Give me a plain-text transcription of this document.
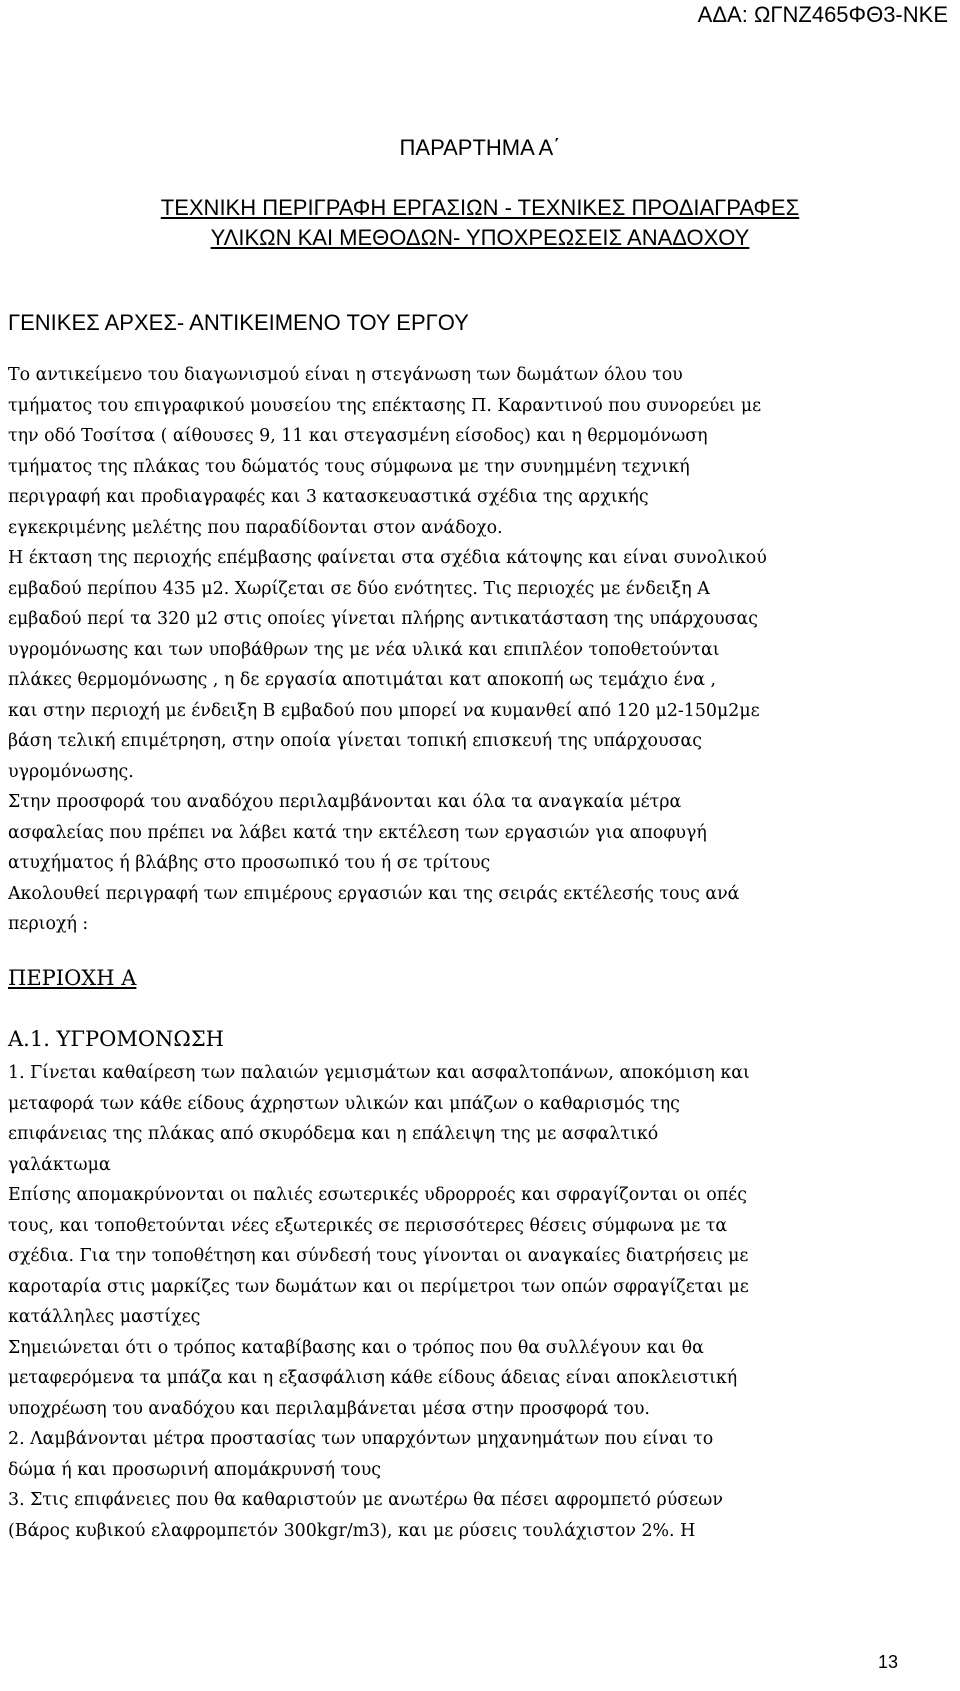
ΑΔΑ: ΩΓΝΖ465ΦΘ3-ΝΚΕ
ΠΑΡΑΡΤΗΜΑ Α΄
ΤΕΧΝΙΚΗ ΠΕΡΙΓΡΑΦΗ ΕΡΓΑΣΙΩΝ - ΤΕΧΝΙΚΕΣ ΠΡΟΔΙΑΓΡΑΦΕΣ
ΥΛΙΚΩΝ ΚΑΙ ΜΕΘΟΔΩΝ- ΥΠΟΧΡΕΩΣΕΙΣ ΑΝΑΔΟΧΟΥ
ΓΕΝΙΚΕΣ ΑΡΧΕΣ- ΑΝΤΙΚΕΙΜΕΝΟ ΤΟΥ ΕΡΓΟΥ
Το αντικείμενο του διαγωνισμού είναι η στεγάνωση των δωμάτων όλου του
τμήματος του επιγραφικού μουσείου της επέκτασης Π. Καραντινού που συνορεύει με
την οδό Τοσίτσα ( αίθουσες 9, 11 και στεγασμένη είσοδος) και η θερμομόνωση
τμήματος της πλάκας του δώματός τους σύμφωνα με την συνημμένη τεχνική
περιγραφή και προδιαγραφές και 3 κατασκευαστικά σχέδια της αρχικής
εγκεκριμένης μελέτης που παραδίδονται στον ανάδοχο.
Η έκταση της περιοχής επέμβασης φαίνεται στα σχέδια κάτοψης και είναι συνολικού
εμβαδού περίπου 435 μ2. Χωρίζεται σε δύο ενότητες. Τις περιοχές με ένδειξη Α
εμβαδού περί τα 320 μ2 στις οποίες γίνεται πλήρης αντικατάσταση της υπάρχουσας
υγρομόνωσης και των υποβάθρων της με νέα υλικά και επιπλέον τοποθετούνται
πλάκες θερμομόνωσης , η δε εργασία αποτιμάται κατ αποκοπή ως τεμάχιο ένα ,
και στην περιοχή με ένδειξη Β εμβαδού που μπορεί να κυμανθεί από 120 μ2-150μ2με
βάση τελική επιμέτρηση, στην οποία γίνεται τοπική επισκευή της υπάρχουσας
υγρομόνωσης.
Στην προσφορά του αναδόχου περιλαμβάνονται και όλα τα αναγκαία μέτρα
ασφαλείας που πρέπει να λάβει κατά την εκτέλεση των εργασιών για αποφυγή
ατυχήματος ή βλάβης στο προσωπικό του ή σε τρίτους
Ακολουθεί περιγραφή των επιμέρους εργασιών και της σειράς εκτέλεσής τους ανά
περιοχή :
ΠΕΡΙΟΧΗ Α
Α.1. ΥΓΡΟΜΟΝΩΣΗ
1. Γίνεται καθαίρεση των παλαιών γεμισμάτων και ασφαλτοπάνων, αποκόμιση και
μεταφορά των κάθε είδους άχρηστων υλικών και μπάζων ο καθαρισμός της
επιφάνειας της πλάκας από σκυρόδεμα και η επάλειψη της με ασφαλτικό
γαλάκτωμα
Επίσης απομακρύνονται οι παλιές εσωτερικές υδρορροές και σφραγίζονται οι οπές
τους, και τοποθετούνται νέες εξωτερικές σε περισσότερες θέσεις σύμφωνα με τα
σχέδια. Για την τοποθέτηση και σύνδεσή τους γίνονται οι αναγκαίες διατρήσεις με
καροταρία στις μαρκίζες των δωμάτων και οι περίμετροι των οπών σφραγίζεται με
κατάλληλες μαστίχες
Σημειώνεται ότι ο τρόπος καταβίβασης και ο τρόπος που θα συλλέγουν και θα
μεταφερόμενα τα μπάζα και η εξασφάλιση κάθε είδους άδειας είναι αποκλειστική
υποχρέωση του αναδόχου και περιλαμβάνεται μέσα στην προσφορά του.
2. Λαμβάνονται μέτρα προστασίας των υπαρχόντων μηχανημάτων που είναι το
δώμα ή και προσωρινή απομάκρυνσή τους
3. Στις επιφάνειες που θα καθαριστούν με ανωτέρω θα πέσει αφρομπετό ρύσεων
(Βάρος κυβικού ελαφρομπετόν 300kgr/m3), και με ρύσεις τουλάχιστον 2%. Η
13
